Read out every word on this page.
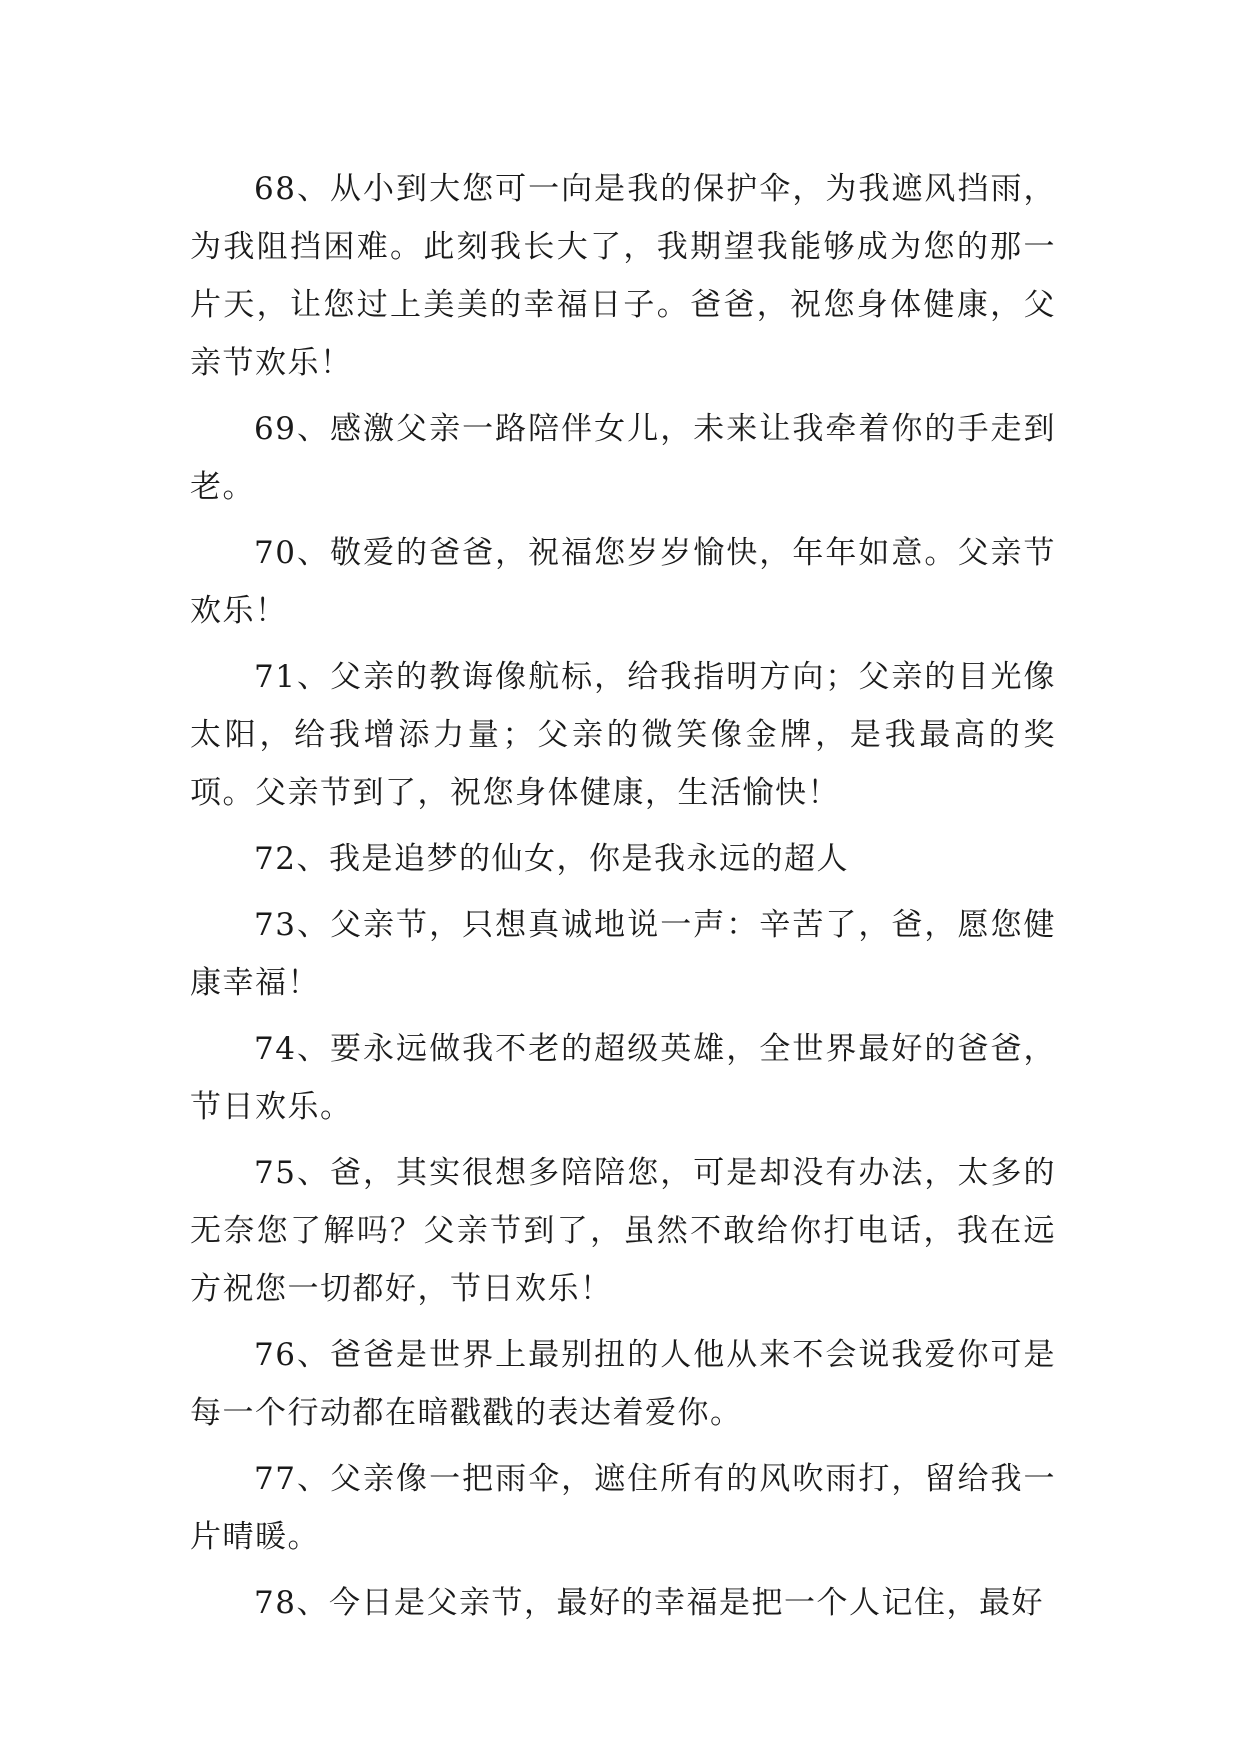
68、从小到大您可一向是我的保护伞，为我遮风挡雨，为我阻挡困难。此刻我长大了，我期望我能够成为您的那一片天，让您过上美美的幸福日子。爸爸，祝您身体健康，父亲节欢乐！

69、感激父亲一路陪伴女儿，未来让我牵着你的手走到老。

70、敬爱的爸爸，祝福您岁岁愉快，年年如意。父亲节欢乐！

71、父亲的教诲像航标，给我指明方向；父亲的目光像太阳，给我增添力量；父亲的微笑像金牌，是我最高的奖项。父亲节到了，祝您身体健康，生活愉快！

72、我是追梦的仙女，你是我永远的超人

73、父亲节，只想真诚地说一声：辛苦了，爸，愿您健康幸福！

74、要永远做我不老的超级英雄，全世界最好的爸爸，节日欢乐。

75、爸，其实很想多陪陪您，可是却没有办法，太多的无奈您了解吗？父亲节到了，虽然不敢给你打电话，我在远方祝您一切都好，节日欢乐！

76、爸爸是世界上最别扭的人他从来不会说我爱你可是每一个行动都在暗戳戳的表达着爱你。

77、父亲像一把雨伞，遮住所有的风吹雨打，留给我一片晴暖。

78、今日是父亲节，最好的幸福是把一个人记住，最好
